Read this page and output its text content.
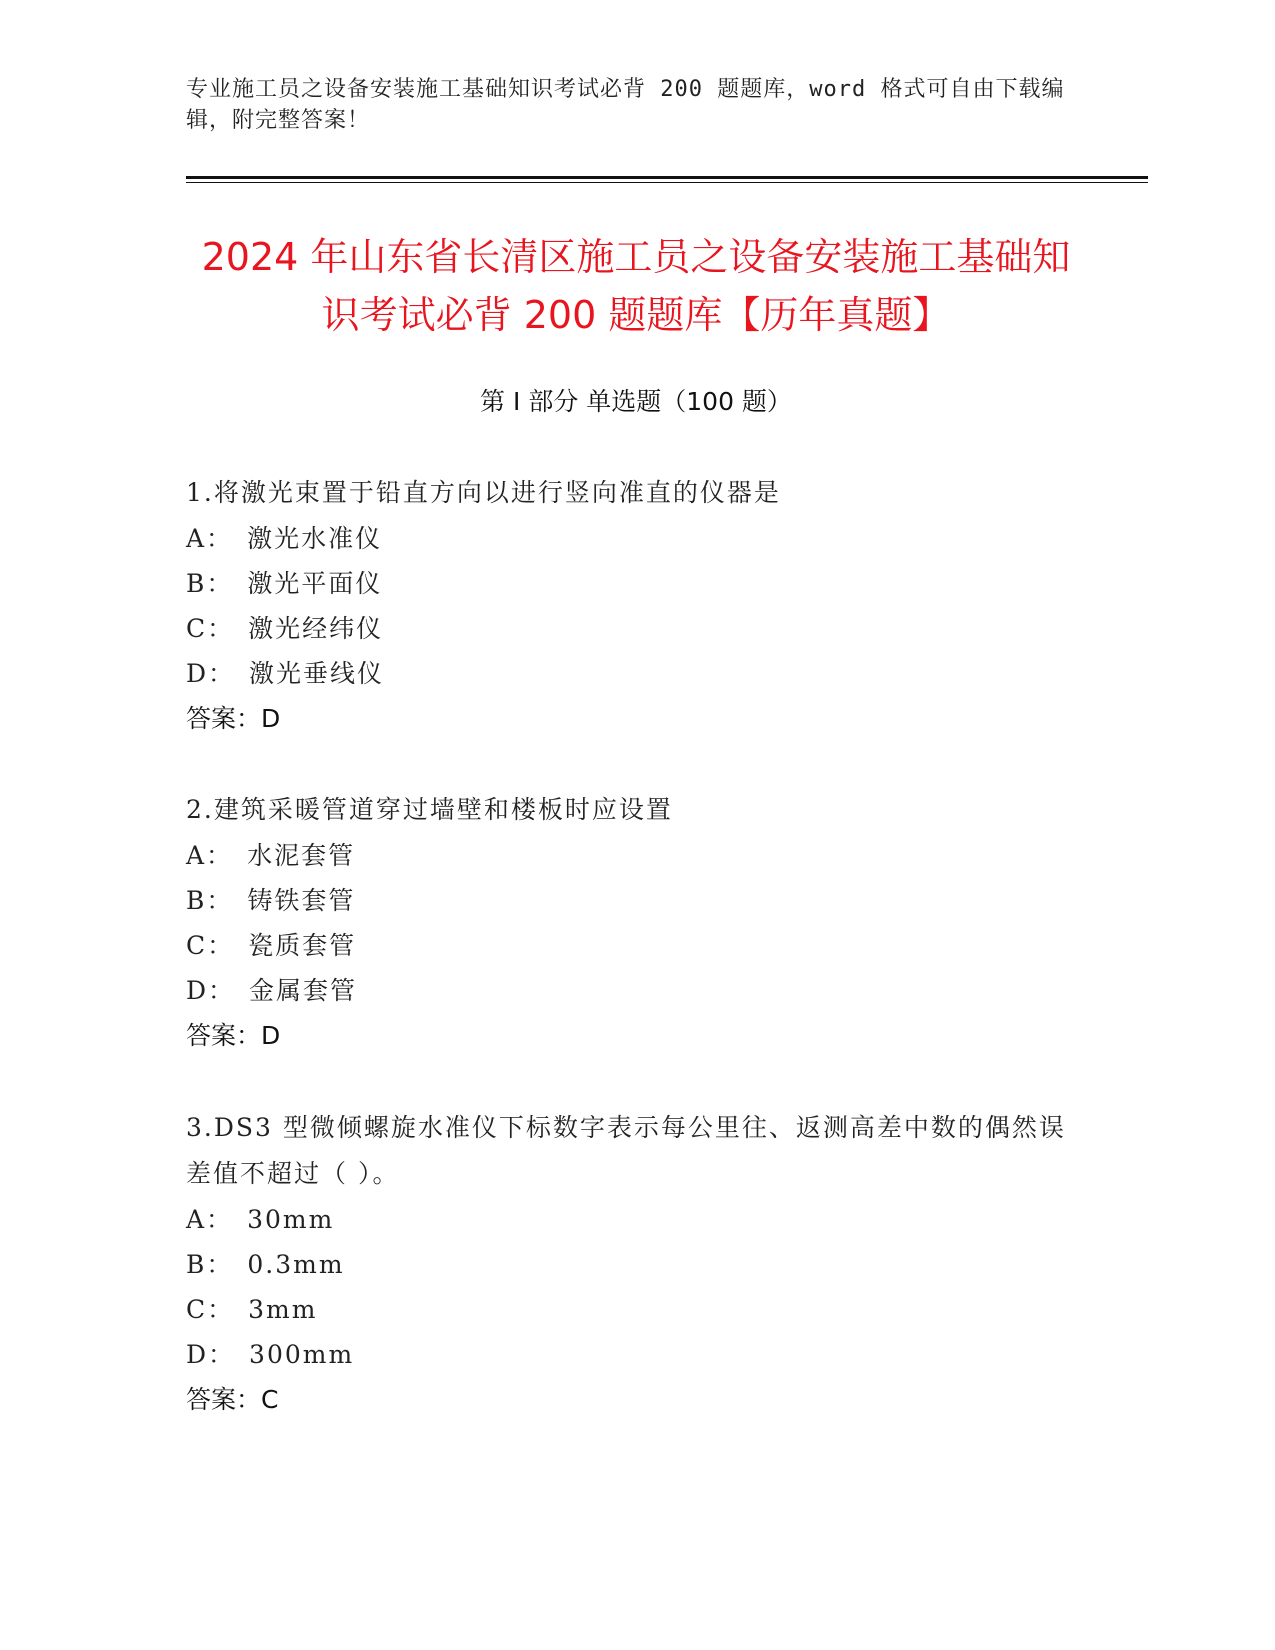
专业施工员之设备安装施工基础知识考试必背 200 题题库，word 格式可自由下载编辑，附完整答案！
2024 年山东省长清区施工员之设备安装施工基础知识考试必背 200 题题库【历年真题】
第 I 部分 单选题（100 题）
1.将激光束置于铅直方向以进行竖向准直的仪器是
A： 激光水准仪
B： 激光平面仪
C： 激光经纬仪
D： 激光垂线仪
答案：D
2.建筑采暖管道穿过墙壁和楼板时应设置
A： 水泥套管
B： 铸铁套管
C： 瓷质套管
D： 金属套管
答案：D
3.DS3 型微倾螺旋水准仪下标数字表示每公里往、返测高差中数的偶然误差值不超过（ ）。
A： 30mm
B： 0.3mm
C： 3mm
D： 300mm
答案：C
